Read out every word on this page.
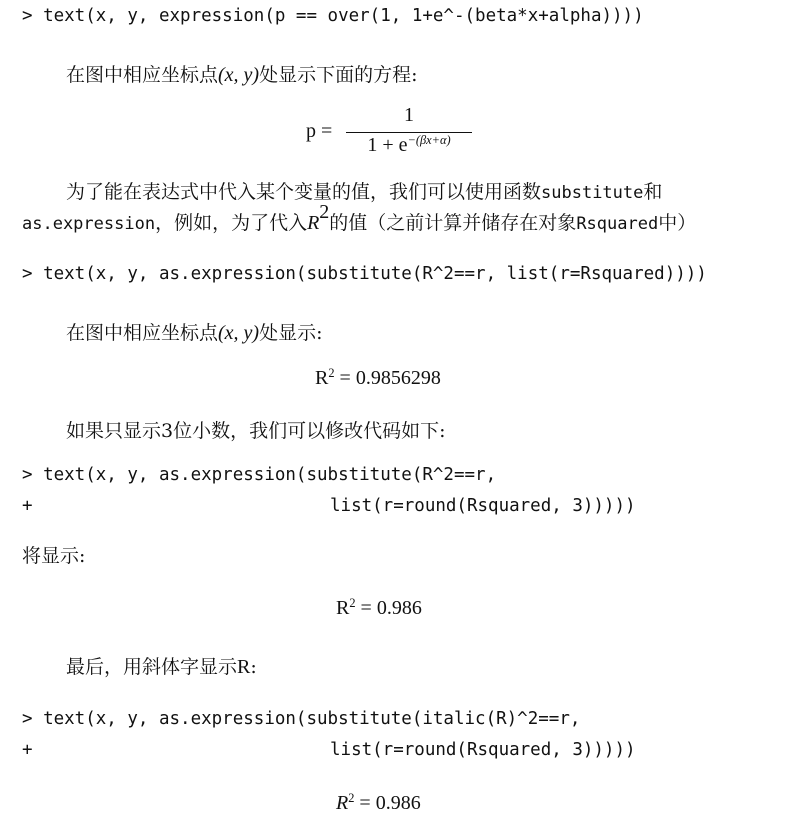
> text(x, y, expression(p == over(1, 1+e^-(beta*x+alpha))))
在图中相应坐标点(x, y)处显示下面的方程:
p =
1
$1 + e^{-(\beta x+\alpha)}$
为了能在表达式中代入某个变量的值，我们可以使用函数substitute和
as.expression，例如，为了代入$R^2$的值（之前计算并储存在对象Rsquared中）
> text(x, y, as.expression(substitute(R^2==r, list(r=Rsquared))))
在图中相应坐标点(x, y)处显示:
$R^2 = 0.9856298$
如果只显示3位小数，我们可以修改代码如下:
> text(x, y, as.expression(substitute(R^2==r,
+	list(r=round(Rsquared, 3)))))
将显示:
$R^2 = 0.986$
最后，用斜体字显示R:
> text(x, y, as.expression(substitute(italic(R)^2==r,
+	list(r=round(Rsquared, 3)))))
$R^2 = 0.986$
